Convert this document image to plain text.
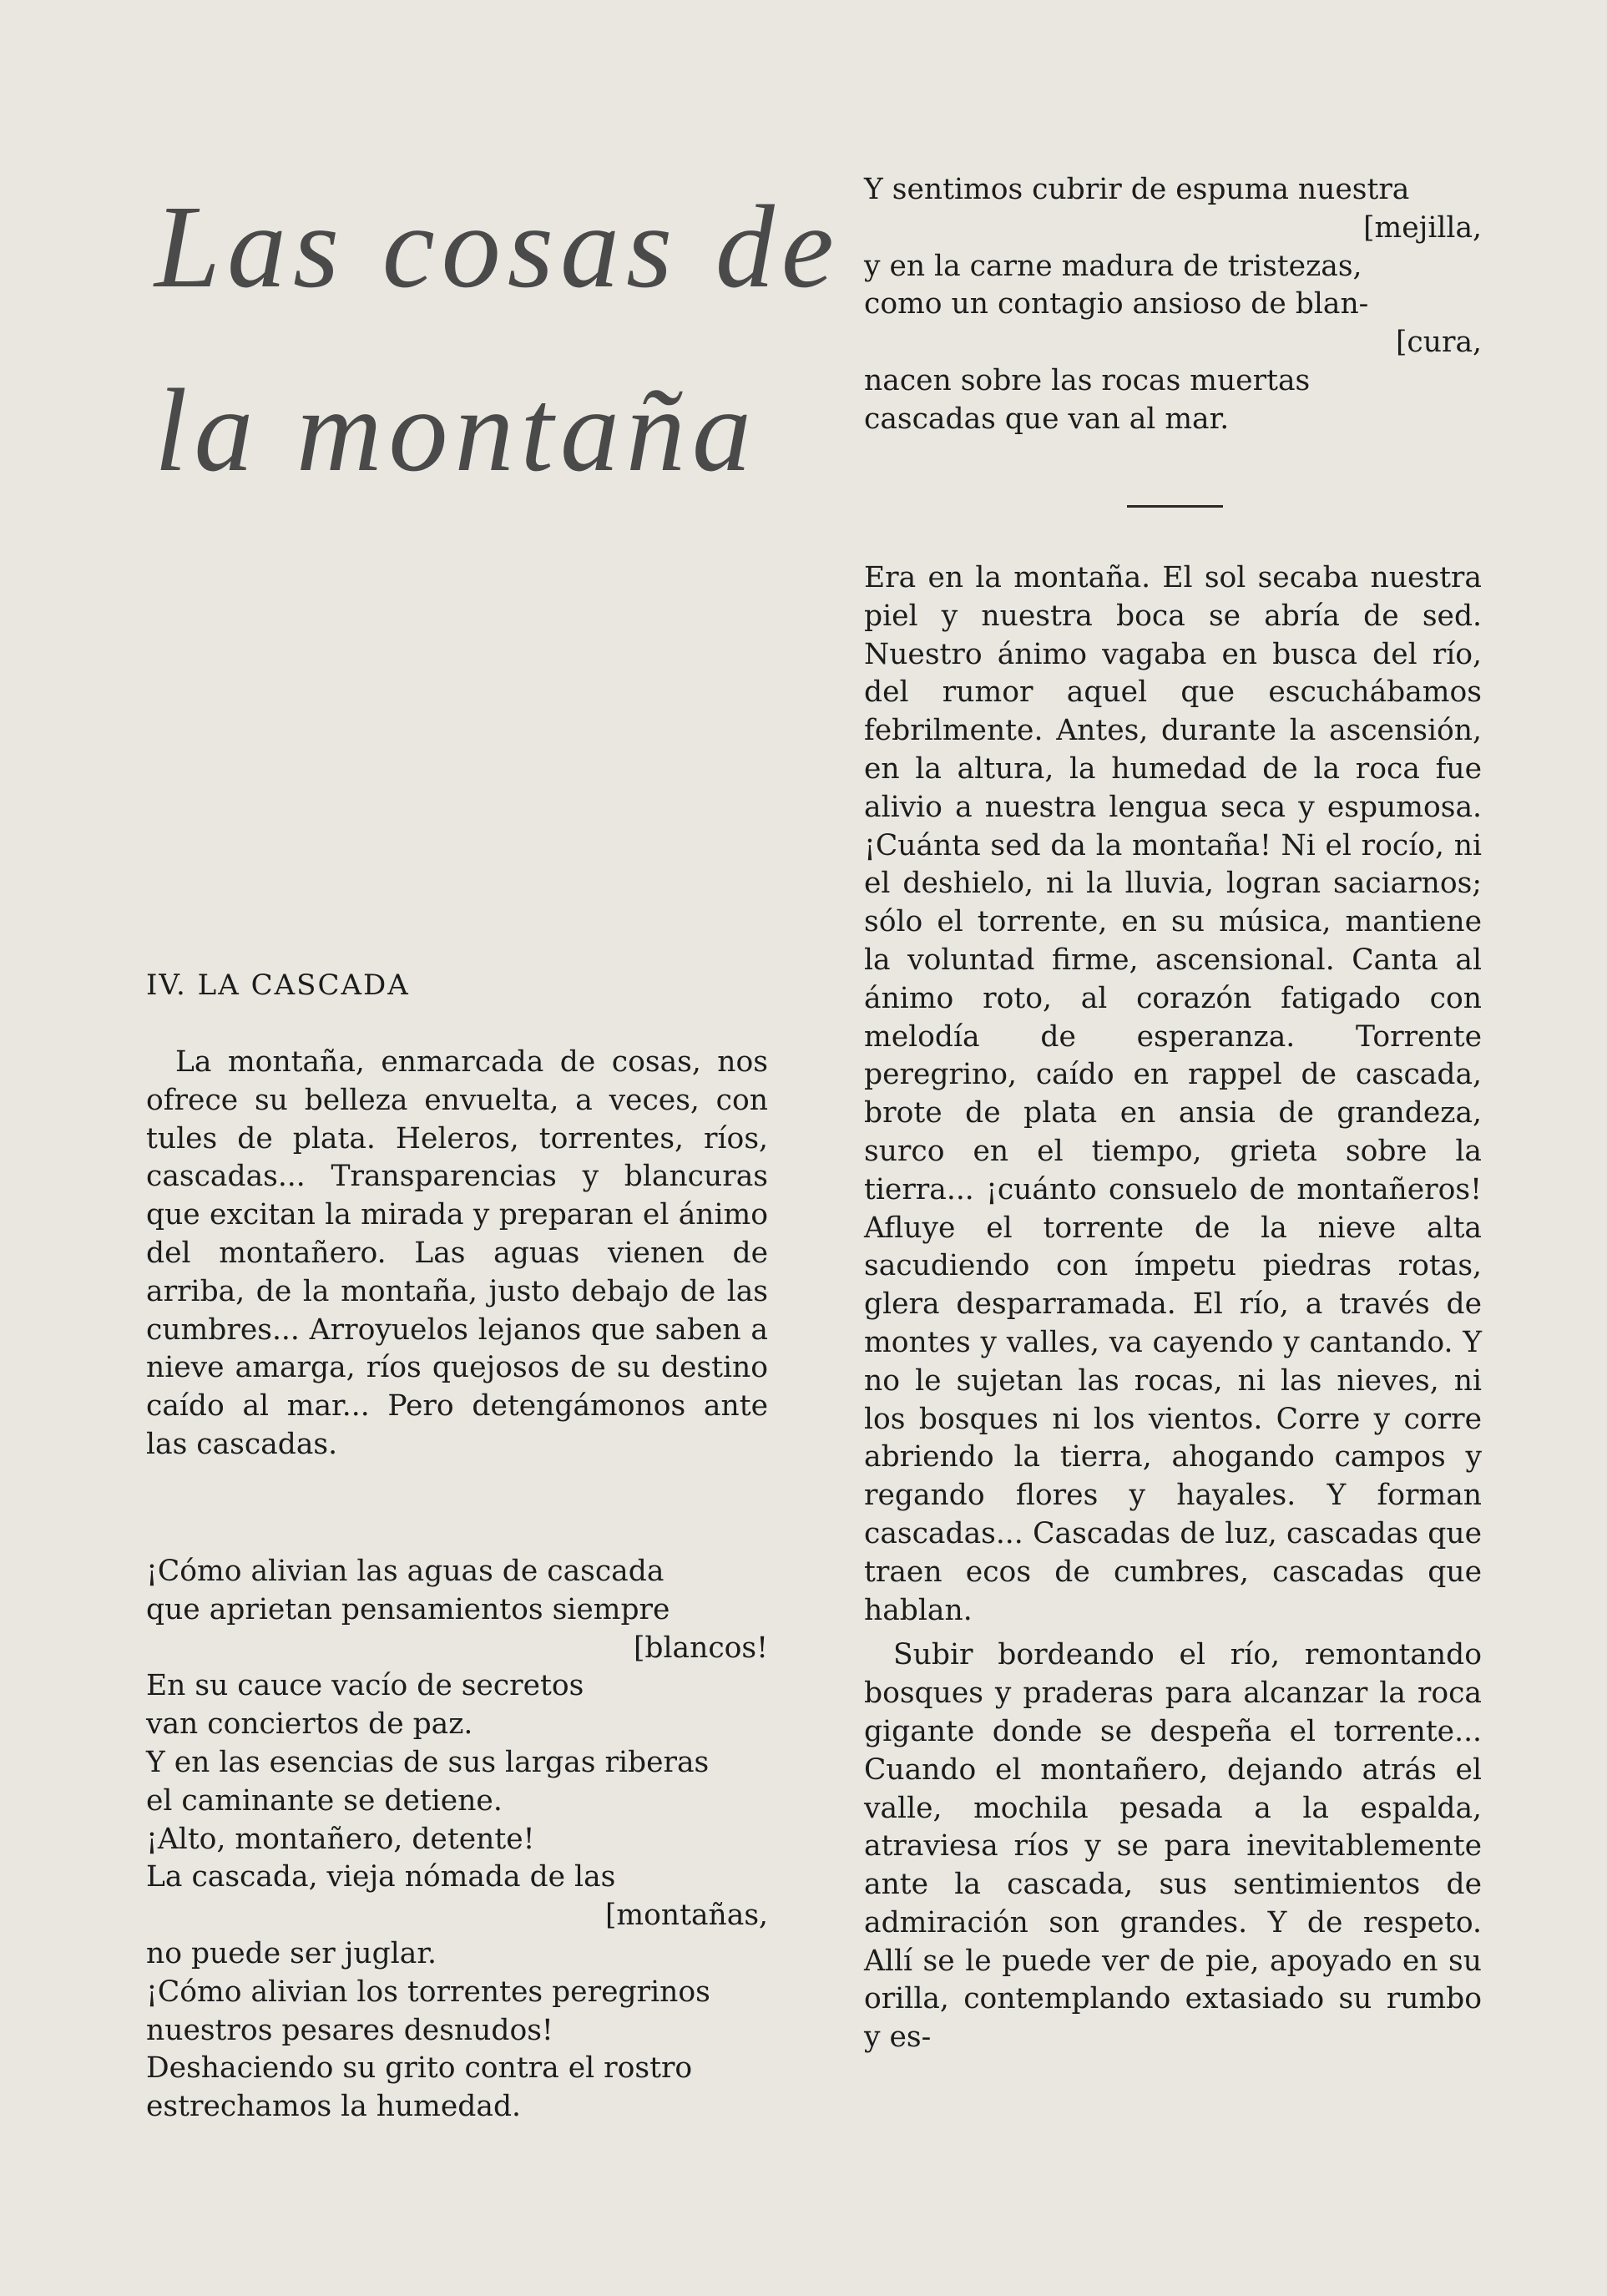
Las cosas de
la montaña
IV. LA CASCADA

La montaña, enmarcada de cosas, nos ofrece su belleza envuelta, a veces, con tules de plata. Heleros, torrentes, ríos, cascadas... Transparencias y blancuras que excitan la mirada y preparan el ánimo del montañero. Las aguas vienen de arriba, de la montaña, justo debajo de las cumbres... Arroyuelos lejanos que saben a nieve amarga, ríos quejosos de su destino caído al mar... Pero detengámonos ante las cascadas.

¡Cómo alivian las aguas de cascada
que aprietan pensamientos siempre
[blancos!
En su cauce vacío de secretos
van conciertos de paz.
Y en las esencias de sus largas riberas
el caminante se detiene.
¡Alto, montañero, detente!
La cascada, vieja nómada de las
[montañas,
no puede ser juglar.
¡Cómo alivian los torrentes peregrinos
nuestros pesares desnudos!
Deshaciendo su grito contra el rostro
estrechamos la humedad.
Y sentimos cubrir de espuma nuestra
[mejilla,
y en la carne madura de tristezas,
como un contagio ansioso de blan-
[cura,
nacen sobre las rocas muertas
cascadas que van al mar.

Era en la montaña. El sol secaba nuestra piel y nuestra boca se abría de sed. Nuestro ánimo vagaba en busca del río, del rumor aquel que escuchábamos febrilmente. Antes, durante la ascensión, en la altura, la humedad de la roca fue alivio a nuestra lengua seca y espumosa. ¡Cuánta sed da la montaña! Ni el rocío, ni el deshielo, ni la lluvia, logran saciarnos; sólo el torrente, en su música, mantiene la voluntad firme, ascensional. Canta al ánimo roto, al corazón fatigado con melodía de esperanza. Torrente peregrino, caído en rappel de cascada, brote de plata en ansia de grandeza, surco en el tiempo, grieta sobre la tierra... ¡cuánto consuelo de montañeros! Afluye el torrente de la nieve alta sacudiendo con ímpetu piedras rotas, glera desparramada. El río, a través de montes y valles, va cayendo y cantando. Y no le sujetan las rocas, ni las nieves, ni los bosques ni los vientos. Corre y corre abriendo la tierra, ahogando campos y regando flores y hayales. Y forman cascadas... Cascadas de luz, cascadas que traen ecos de cumbres, cascadas que hablan.

Subir bordeando el río, remontando bosques y praderas para alcanzar la roca gigante donde se despeña el torrente... Cuando el montañero, dejando atrás el valle, mochila pesada a la espalda, atraviesa ríos y se para inevitablemente ante la cascada, sus sentimientos de admiración son grandes. Y de respeto. Allí se le puede ver de pie, apoyado en su orilla, contemplando extasiado su rumbo y es-
